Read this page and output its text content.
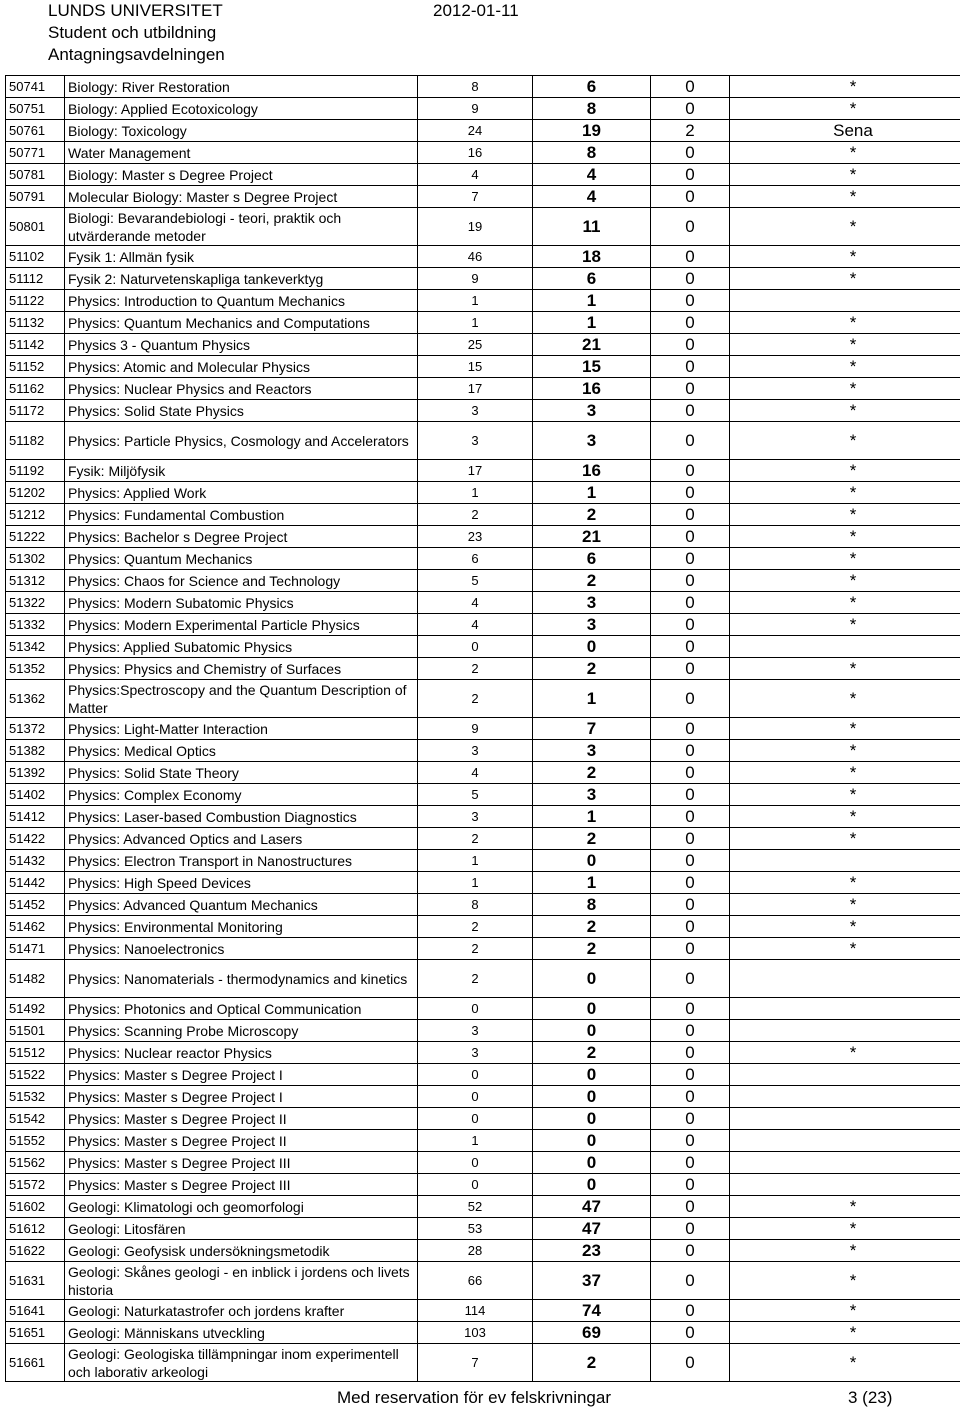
LUNDS UNIVERSITET
Student och utbildning
Antagningsavdelningen
2012-01-11
50741	Biology: River Restoration	8	6	0	*
50751	Biology: Applied Ecotoxicology	9	8	0	*
50761	Biology: Toxicology	24	19	2	Sena
50771	Water Management	16	8	0	*
50781	Biology: Master s Degree Project	4	4	0	*
50791	Molecular Biology: Master s Degree Project	7	4	0	*
50801	Biologi: Bevarandebiologi - teori, praktik och utvärderande metoder	19	11	0	*
51102	Fysik 1: Allmän fysik	46	18	0	*
51112	Fysik 2: Naturvetenskapliga tankeverktyg	9	6	0	*
51122	Physics: Introduction to Quantum Mechanics	1	1	0	
51132	Physics: Quantum Mechanics and Computations	1	1	0	*
51142	Physics 3 - Quantum Physics	25	21	0	*
51152	Physics: Atomic and Molecular Physics	15	15	0	*
51162	Physics: Nuclear Physics and Reactors	17	16	0	*
51172	Physics: Solid State Physics	3	3	0	*
51182	Physics: Particle Physics, Cosmology and Accelerators	3	3	0	*
51192	Fysik: Miljöfysik	17	16	0	*
51202	Physics: Applied Work	1	1	0	*
51212	Physics: Fundamental Combustion	2	2	0	*
51222	Physics: Bachelor s Degree Project	23	21	0	*
51302	Physics: Quantum Mechanics	6	6	0	*
51312	Physics: Chaos for Science and Technology	5	2	0	*
51322	Physics: Modern Subatomic Physics	4	3	0	*
51332	Physics: Modern Experimental Particle Physics	4	3	0	*
51342	Physics: Applied Subatomic Physics	0	0	0	
51352	Physics: Physics and Chemistry of Surfaces	2	2	0	*
51362	Physics:Spectroscopy and the Quantum Description of Matter	2	1	0	*
51372	Physics: Light-Matter Interaction	9	7	0	*
51382	Physics: Medical Optics	3	3	0	*
51392	Physics: Solid State Theory	4	2	0	*
51402	Physics: Complex Economy	5	3	0	*
51412	Physics: Laser-based Combustion Diagnostics	3	1	0	*
51422	Physics: Advanced Optics and Lasers	2	2	0	*
51432	Physics: Electron Transport in Nanostructures	1	0	0	
51442	Physics: High Speed Devices	1	1	0	*
51452	Physics: Advanced Quantum Mechanics	8	8	0	*
51462	Physics: Environmental Monitoring	2	2	0	*
51471	Physics: Nanoelectronics	2	2	0	*
51482	Physics: Nanomaterials - thermodynamics and kinetics	2	0	0	
51492	Physics: Photonics and Optical Communication	0	0	0	
51501	Physics: Scanning Probe Microscopy	3	0	0	
51512	Physics: Nuclear reactor Physics	3	2	0	*
51522	Physics: Master s Degree Project I	0	0	0	
51532	Physics: Master s Degree Project I	0	0	0	
51542	Physics: Master s Degree Project II	0	0	0	
51552	Physics: Master s Degree Project II	1	0	0	
51562	Physics: Master s Degree Project III	0	0	0	
51572	Physics: Master s Degree Project III	0	0	0	
51602	Geologi: Klimatologi och geomorfologi	52	47	0	*
51612	Geologi: Litosfären	53	47	0	*
51622	Geologi: Geofysisk undersökningsmetodik	28	23	0	*
51631	Geologi: Skånes geologi - en inblick i jordens och livets historia	66	37	0	*
51641	Geologi: Naturkatastrofer och jordens krafter	114	74	0	*
51651	Geologi: Människans utveckling	103	69	0	*
51661	Geologi: Geologiska tillämpningar inom experimentell och laborativ arkeologi	7	2	0	*
Med reservation för ev felskrivningar	3 (23)
